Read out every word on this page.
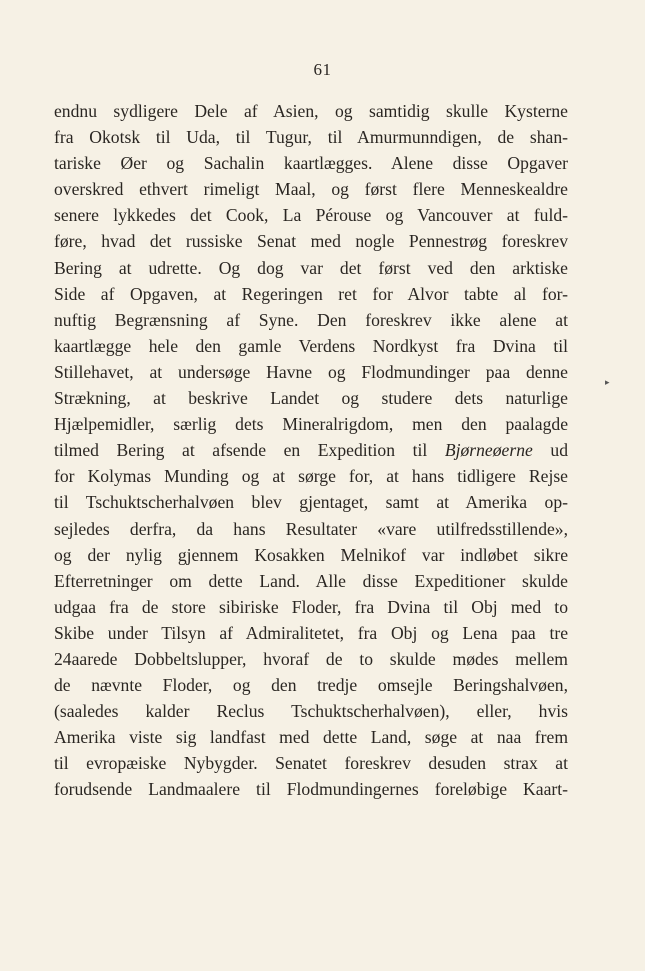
61
endnu sydligere Dele af Asien, og samtidig skulle Kysterne
fra Okotsk til Uda, til Tugur, til Amurmunndigen, de shan-
tariske Øer og Sachalin kaartlægges. Alene disse Opgaver
overskred ethvert rimeligt Maal, og først flere Menneskealdre
senere lykkedes det Cook, La Pérouse og Vancouver at fuld-
føre, hvad det russiske Senat med nogle Pennestrøg foreskrev
Bering at udrette. Og dog var det først ved den arktiske
Side af Opgaven, at Regeringen ret for Alvor tabte al for-
nuftig Begrænsning af Syne. Den foreskrev ikke alene at
kaartlægge hele den gamle Verdens Nordkyst fra Dvina til
Stillehavet, at undersøge Havne og Flodmundinger paa denne
Strækning, at beskrive Landet og studere dets naturlige
Hjælpemidler, særlig dets Mineralrigdom, men den paalagde
tilmed Bering at afsende en Expedition til Bjørneøerne ud
for Kolymas Munding og at sørge for, at hans tidligere Rejse
til Tschuktscherhalvøen blev gjentaget, samt at Amerika op-
sejledes derfra, da hans Resultater «vare utilfredsstillende»,
og der nylig gjennem Kosakken Melnikof var indløbet sikre
Efterretninger om dette Land. Alle disse Expeditioner skulde
udgaa fra de store sibiriske Floder, fra Dvina til Obj med to
Skibe under Tilsyn af Admiralitetet, fra Obj og Lena paa tre
24aarede Dobbeltslupper, hvoraf de to skulde mødes mellem
de nævnte Floder, og den tredje omsejle Beringshalvøen,
(saaledes kalder Reclus Tschuktscherhalvøen), eller, hvis
Amerika viste sig landfast med dette Land, søge at naa frem
til evropæiske Nybygder. Senatet foreskrev desuden strax at
forudsende Landmaalere til Flodmundingernes foreløbige Kaart-
▸
